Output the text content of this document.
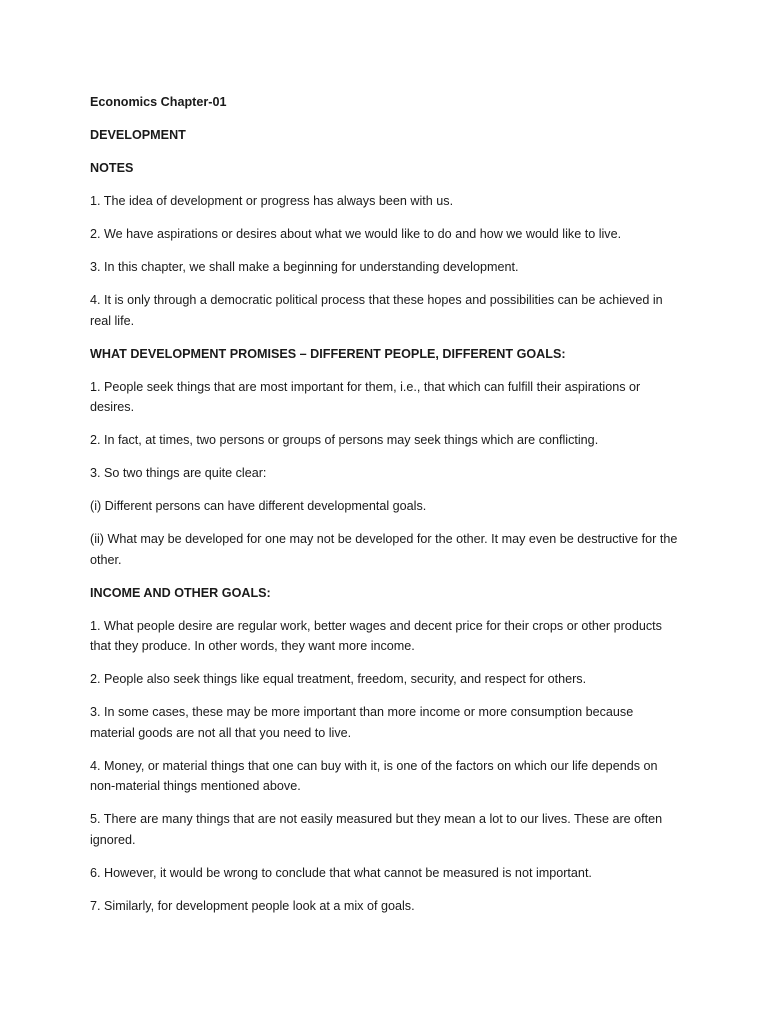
Economics Chapter-01

DEVELOPMENT

NOTES

1. The idea of development or progress has always been with us.

2. We have aspirations or desires about what we would like to do and how we would like to live.

3. In this chapter, we shall make a beginning for understanding development.

4. It is only through a democratic political process that these hopes and possibilities can be achieved in real life.

WHAT DEVELOPMENT PROMISES – DIFFERENT PEOPLE, DIFFERENT GOALS:

1. People seek things that are most important for them, i.e., that which can fulfill their aspirations or desires.

2. In fact, at times, two persons or groups of persons may seek things which are conflicting.

3. So two things are quite clear:

(i) Different persons can have different developmental goals.

(ii) What may be developed for one may not be developed for the other. It may even be destructive for the other.

INCOME AND OTHER GOALS:

1. What people desire are regular work, better wages and decent price for their crops or other products that they produce. In other words, they want more income.

2. People also seek things like equal treatment, freedom, security, and respect for others.

3. In some cases, these may be more important than more income or more consumption because material goods are not all that you need to live.

4. Money, or material things that one can buy with it, is one of the factors on which our life depends on non-material things mentioned above.

5. There are many things that are not easily measured but they mean a lot to our lives. These are often ignored.

6. However, it would be wrong to conclude that what cannot be measured is not important.

7. Similarly, for development people look at a mix of goals.
